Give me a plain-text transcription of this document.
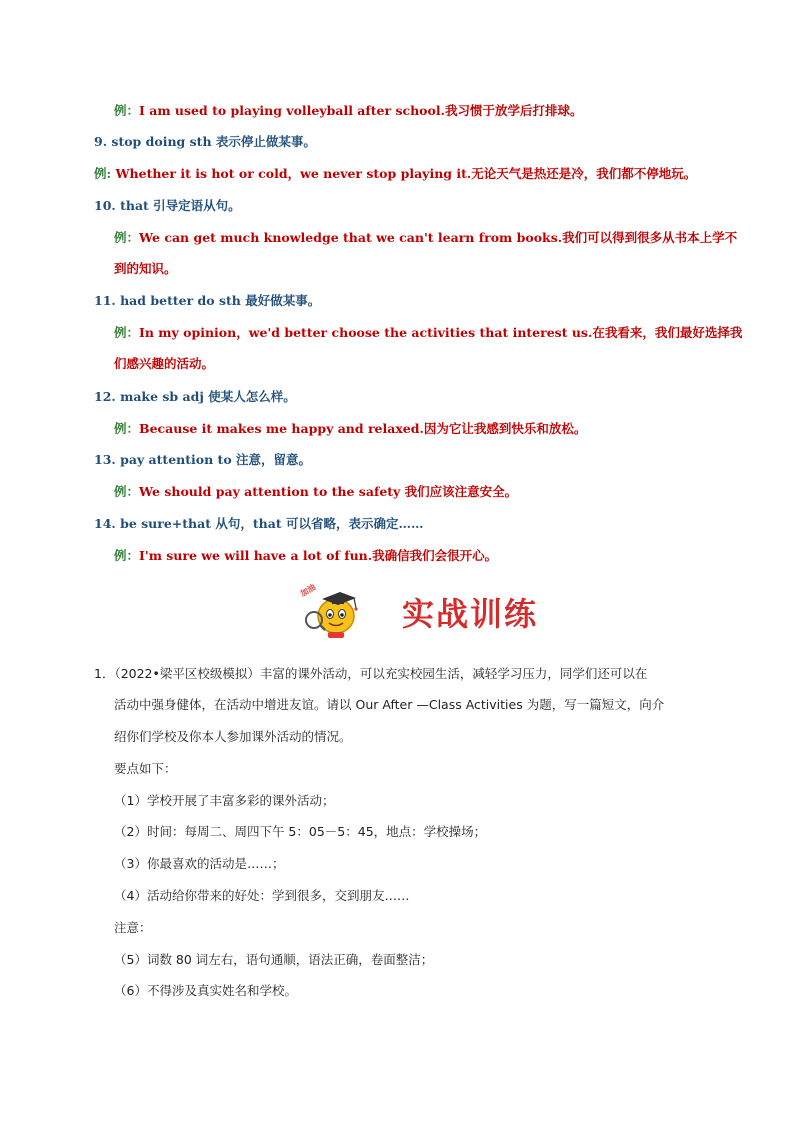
例：I am used to playing volleyball after school.我习惯于放学后打排球。
9. stop doing sth 表示停止做某事。
例: Whether it is hot or cold，we never stop playing it.无论天气是热还是冷，我们都不停地玩。
10. that 引导定语从句。
例：We can get much knowledge that we can't learn from books.我们可以得到很多从书本上学不
到的知识。
11. had better do sth 最好做某事。
例：In my opinion，we'd better choose the activities that interest us.在我看来，我们最好选择我
们感兴趣的活动。
12. make sb adj 使某人怎么样。
例：Because it makes me happy and relaxed.因为它让我感到快乐和放松。
13. pay attention to 注意，留意。
例：We should pay attention to the safety 我们应该注意安全。
14. be sure+that 从句，that 可以省略，表示确定……
例：I'm sure we will have a lot of fun.我确信我们会很开心。
加油
实战训练
1．（2022•梁平区校级模拟）丰富的课外活动，可以充实校园生活，减轻学习压力，同学们还可以在
活动中强身健体，在活动中增进友谊。请以 Our After —Class Activities 为题，写一篇短文，向介
绍你们学校及你本人参加课外活动的情况。
要点如下：
（1）学校开展了丰富多彩的课外活动；
（2）时间：每周二、周四下午 5：05－5：45，地点：学校操场；
（3）你最喜欢的活动是……；
（4）活动给你带来的好处：学到很多，交到朋友……
注意：
（5）词数 80 词左右，语句通顺，语法正确，卷面整洁；
（6）不得涉及真实姓名和学校。
